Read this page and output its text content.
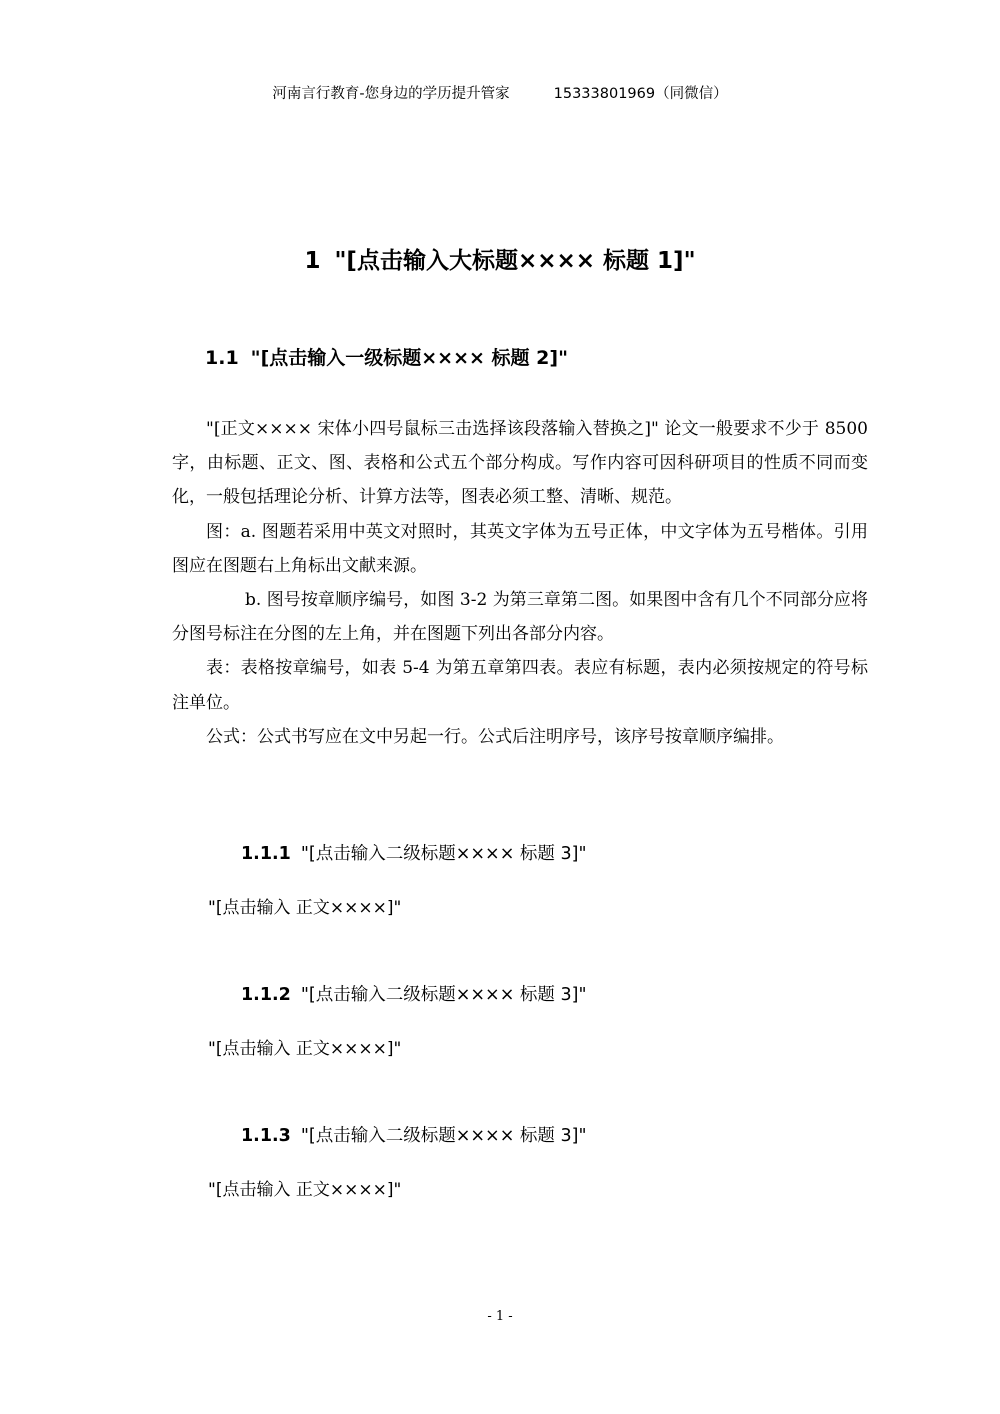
河南言行教育-您身边的学历提升管家	15333801969（同微信）
1 "[点击输入大标题×××× 标题 1]"
1.1 "[点击输入一级标题×××× 标题 2]"

"[正文×××× 宋体小四号鼠标三击选择该段落输入替换之]" 论文一般要求不少于 8500 字，由标题、正文、图、表格和公式五个部分构成。写作内容可因科研项目的性质不同而变化，一般包括理论分析、计算方法等，图表必须工整、清晰、规范。

图：a. 图题若采用中英文对照时，其英文字体为五号正体，中文字体为五号楷体。引用图应在图题右上角标出文献来源。

b. 图号按章顺序编号，如图 3-2 为第三章第二图。如果图中含有几个不同部分应将分图号标注在分图的左上角，并在图题下列出各部分内容。

表：表格按章编号，如表 5-4 为第五章第四表。表应有标题，表内必须按规定的符号标注单位。

公式：公式书写应在文中另起一行。公式后注明序号，该序号按章顺序编排。

1.1.1 "[点击输入二级标题×××× 标题 3]"
"[点击输入 正文××××]"
1.1.2 "[点击输入二级标题×××× 标题 3]"
"[点击输入 正文××××]"
1.1.3 "[点击输入二级标题×××× 标题 3]"
"[点击输入 正文××××]"
- 1 -
